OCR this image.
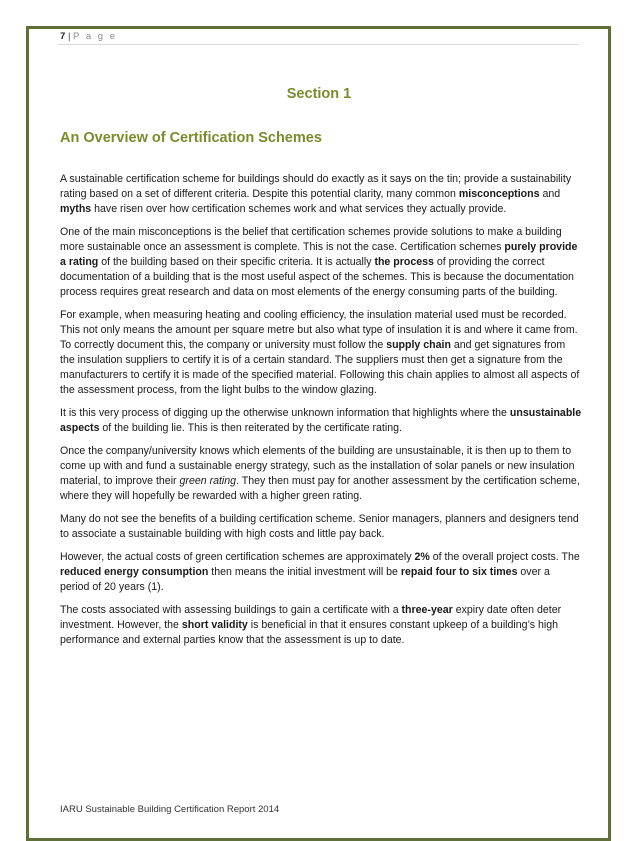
7 | P a g e
Section 1
An Overview of Certification Schemes

A sustainable certification scheme for buildings should do exactly as it says on the tin; provide a sustainability rating based on a set of different criteria. Despite this potential clarity, many common misconceptions and myths have risen over how certification schemes work and what services they actually provide.

One of the main misconceptions is the belief that certification schemes provide solutions to make a building more sustainable once an assessment is complete. This is not the case. Certification schemes purely provide a rating of the building based on their specific criteria. It is actually the process of providing the correct documentation of a building that is the most useful aspect of the schemes. This is because the documentation process requires great research and data on most elements of the energy consuming parts of the building.

For example, when measuring heating and cooling efficiency, the insulation material used must be recorded. This not only means the amount per square metre but also what type of insulation it is and where it came from. To correctly document this, the company or university must follow the supply chain and get signatures from the insulation suppliers to certify it is of a certain standard. The suppliers must then get a signature from the manufacturers to certify it is made of the specified material. Following this chain applies to almost all aspects of the assessment process, from the light bulbs to the window glazing.

It is this very process of digging up the otherwise unknown information that highlights where the unsustainable aspects of the building lie. This is then reiterated by the certificate rating.

Once the company/university knows which elements of the building are unsustainable, it is then up to them to come up with and fund a sustainable energy strategy, such as the installation of solar panels or new insulation material, to improve their green rating. They then must pay for another assessment by the certification scheme, where they will hopefully be rewarded with a higher green rating.

Many do not see the benefits of a building certification scheme. Senior managers, planners and designers tend to associate a sustainable building with high costs and little pay back.

However, the actual costs of green certification schemes are approximately 2% of the overall project costs. The reduced energy consumption then means the initial investment will be repaid four to six times over a period of 20 years (1).

The costs associated with assessing buildings to gain a certificate with a three-year expiry date often deter investment. However, the short validity is beneficial in that it ensures constant upkeep of a building’s high performance and external parties know that the assessment is up to date.

IARU Sustainable Building Certification Report 2014
